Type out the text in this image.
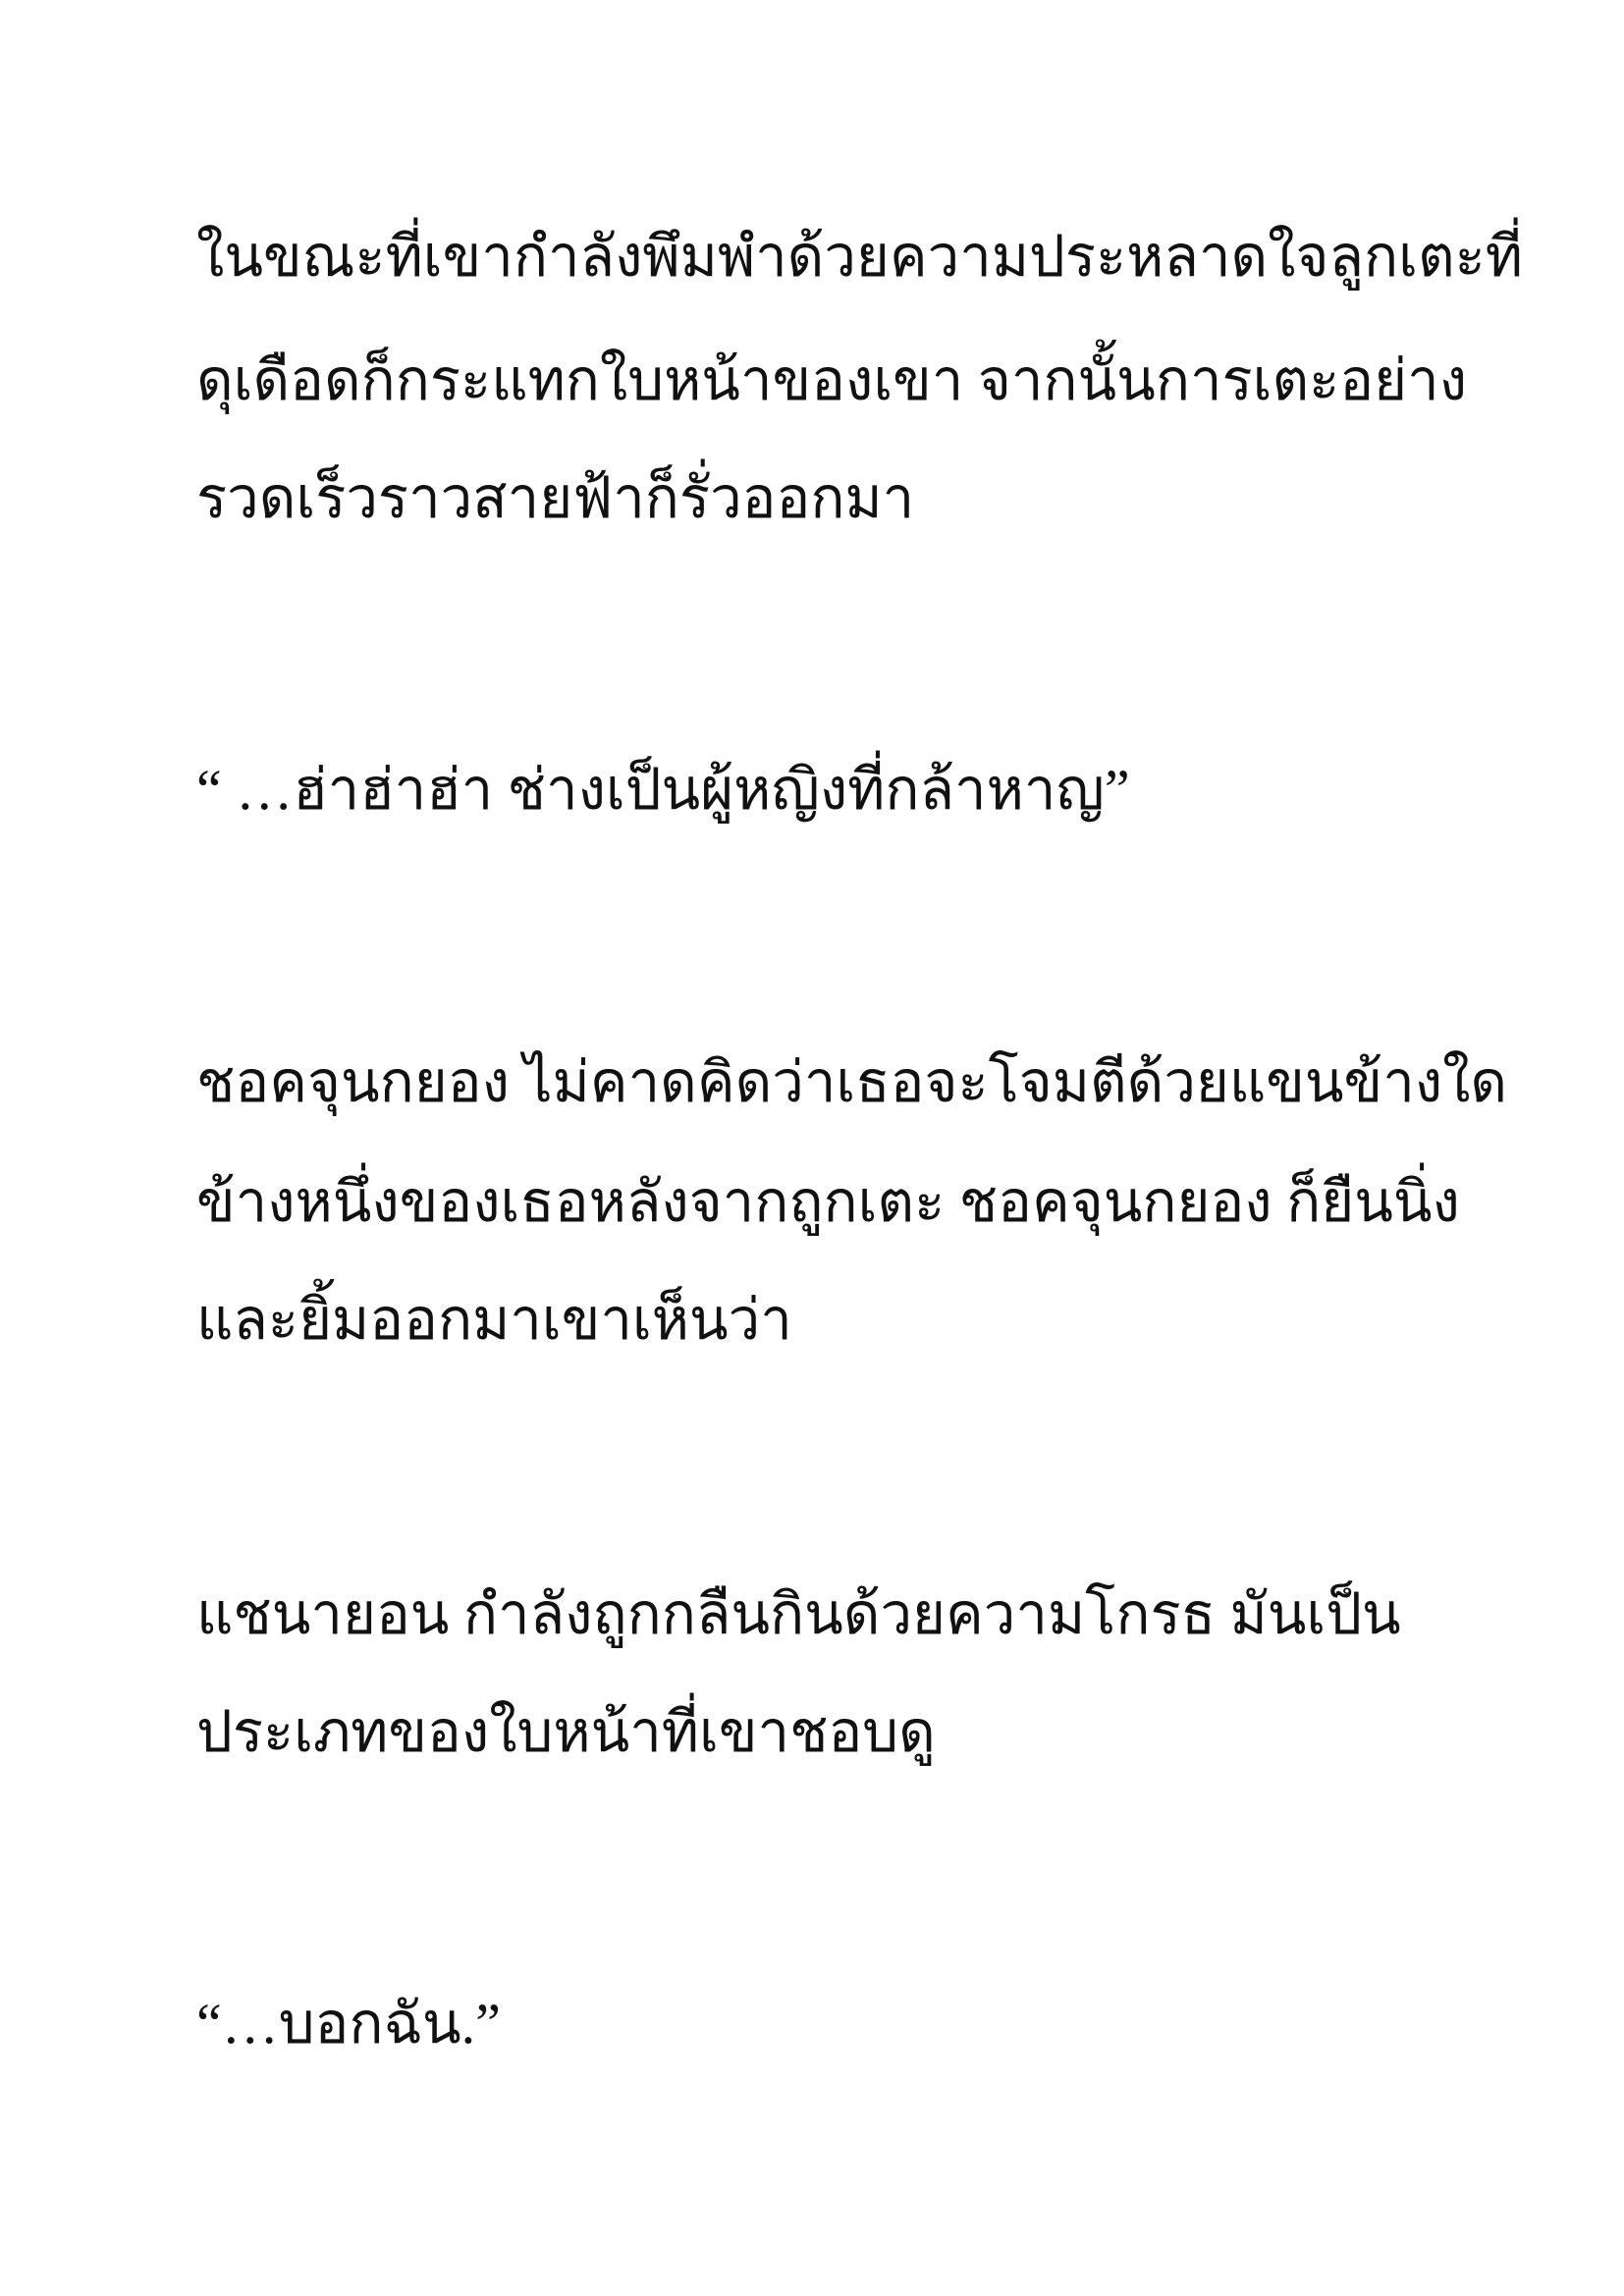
ในขณะที่เขากำลังพึมพำด้วยความประหลาดใจลูกเตะที่

ดุเดือดก็กระแทกใบหน้าของเขา จากนั้นการเตะอย่าง

รวดเร็วราวสายฟ้าก็รั่วออกมา

“ …ฮ่าฮ่าฮ่า ช่างเป็นผู้หญิงที่กล้าหาญ”

ชอคจุนกยอง ไม่คาดคิดว่าเธอจะโจมตีด้วยแขนข้างใด

ข้างหนึ่งของเธอหลังจากถูกเตะ ชอคจุนกยอง ก็ยืนนิ่ง

และยิ้มออกมาเขาเห็นว่า

แชนายอน กำลังถูกกลืนกินด้วยความโกรธ มันเป็น

ประเภทของใบหน้าที่เขาชอบดู

“…บอกฉัน.”
